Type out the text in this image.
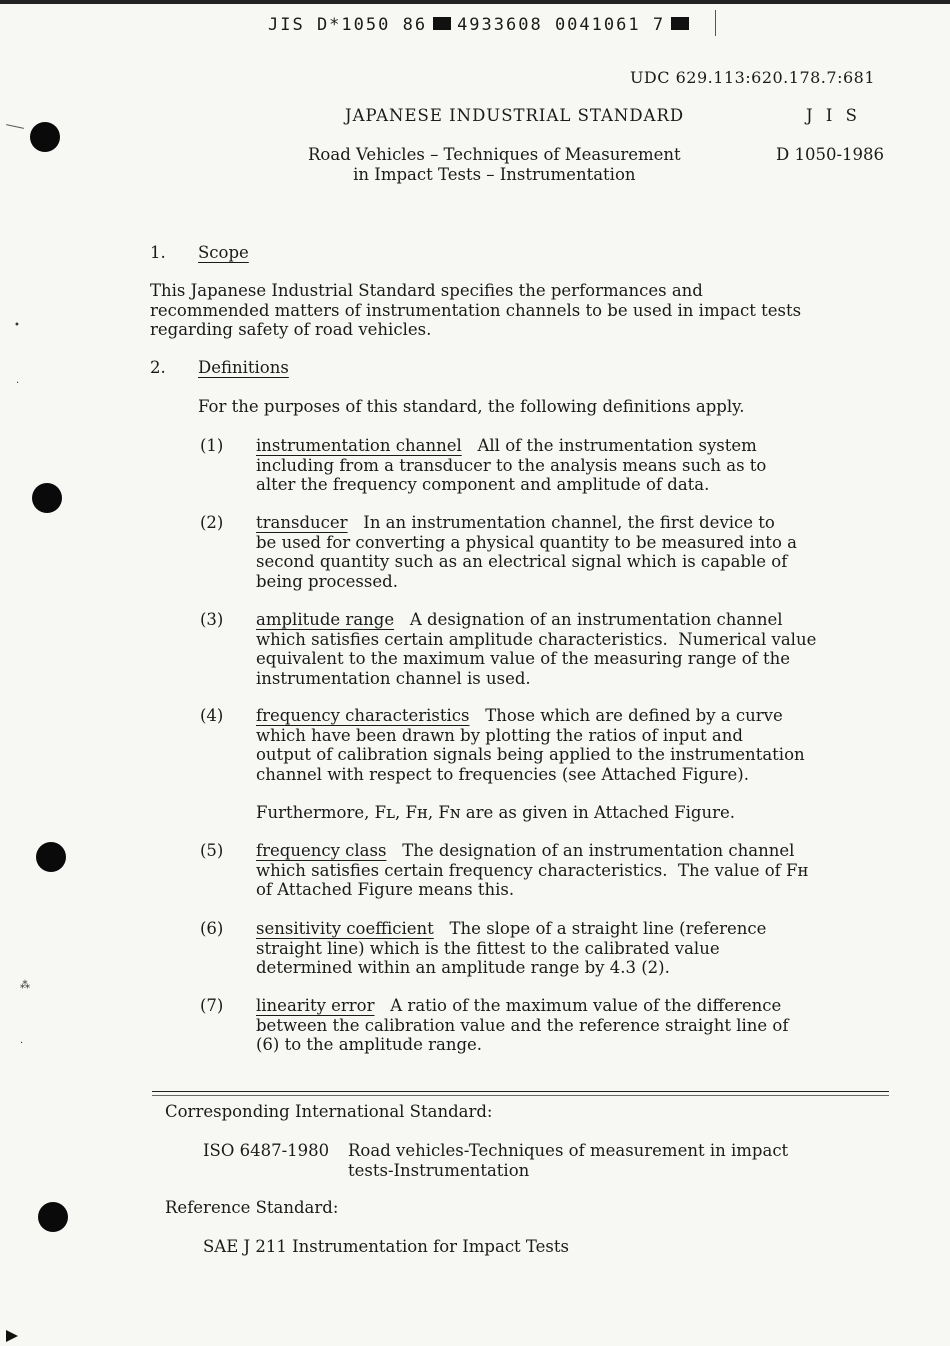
JIS D*1050 86 4933608 0041061 7
UDC 629.113:620.178.7:681
JAPANESE INDUSTRIAL STANDARD	J I S
Road Vehicles – Techniques of Measurement
in Impact Tests – Instrumentation
D 1050-1986
•
·
⁂
·
1. Scope
This Japanese Industrial Standard specifies the performances and
recommended matters of instrumentation channels to be used in impact tests
regarding safety of road vehicles.
2. Definitions
For the purposes of this standard, the following definitions apply.
(1) instrumentation channel All of the instrumentation system
including from a transducer to the analysis means such as to
alter the frequency component and amplitude of data.
(2) transducer In an instrumentation channel, the first device to
be used for converting a physical quantity to be measured into a
second quantity such as an electrical signal which is capable of
being processed.
(3) amplitude range A designation of an instrumentation channel
which satisfies certain amplitude characteristics.  Numerical value
equivalent to the maximum value of the measuring range of the
instrumentation channel is used.
(4) frequency characteristics Those which are defined by a curve
which have been drawn by plotting the ratios of input and
output of calibration signals being applied to the instrumentation
channel with respect to frequencies (see Attached Figure).
Furthermore, Fʟ, Fʜ, Fɴ are as given in Attached Figure.
(5) frequency class The designation of an instrumentation channel
which satisfies certain frequency characteristics.  The value of Fʜ
of Attached Figure means this.
(6) sensitivity coefficient The slope of a straight line (reference
straight line) which is the fittest to the calibrated value
determined within an amplitude range by 4.3 (2).
(7) linearity error A ratio of the maximum value of the difference
between the calibration value and the reference straight line of
(6) to the amplitude range.
Corresponding International Standard:
ISO 6487-1980 Road vehicles-Techniques of measurement in impact
tests-Instrumentation
Reference Standard:
SAE J 211 Instrumentation for Impact Tests
